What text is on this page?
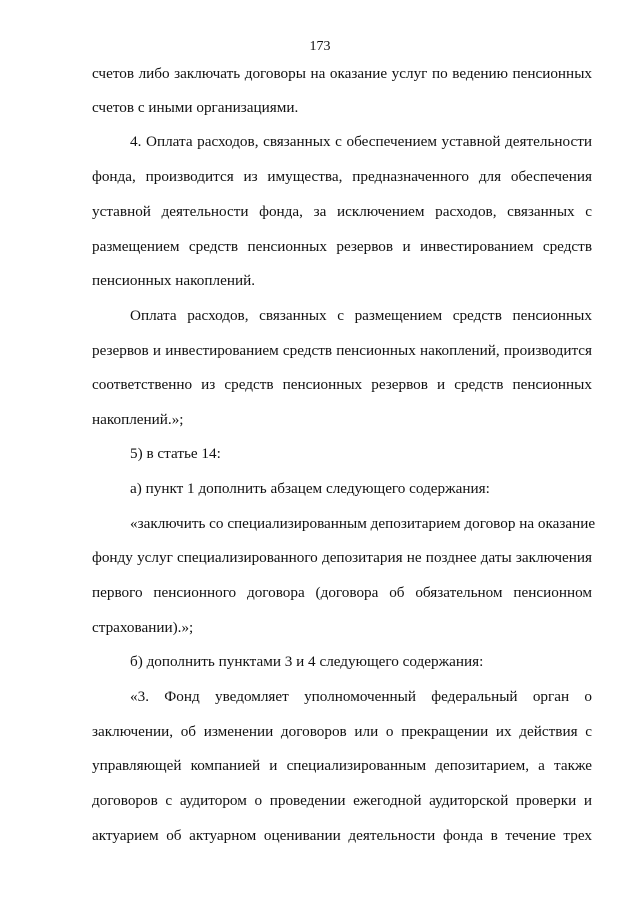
173
счетов либо заключать договоры на оказание услуг по ведению пенсионных
счетов с иными организациями.
4. Оплата расходов, связанных с обеспечением уставной деятельности
фонда, производится из имущества, предназначенного для обеспечения
уставной деятельности фонда, за исключением расходов, связанных с
размещением средств пенсионных резервов и инвестированием средств
пенсионных накоплений.
Оплата расходов, связанных с размещением средств пенсионных
резервов и инвестированием средств пенсионных накоплений, производится
соответственно из средств пенсионных резервов и средств пенсионных
накоплений.»;
5) в статье 14:
а) пункт 1 дополнить абзацем следующего содержания:
«заключить со специализированным депозитарием договор на оказание
фонду услуг специализированного депозитария не позднее даты заключения
первого пенсионного договора (договора об обязательном пенсионном
страховании).»;
б) дополнить пунктами 3 и 4 следующего содержания:
«3. Фонд уведомляет уполномоченный федеральный орган о
заключении, об изменении договоров или о прекращении их действия с
управляющей компанией и специализированным депозитарием, а также
договоров с аудитором о проведении ежегодной аудиторской проверки и
актуарием об актуарном оценивании деятельности фонда в течение трех
